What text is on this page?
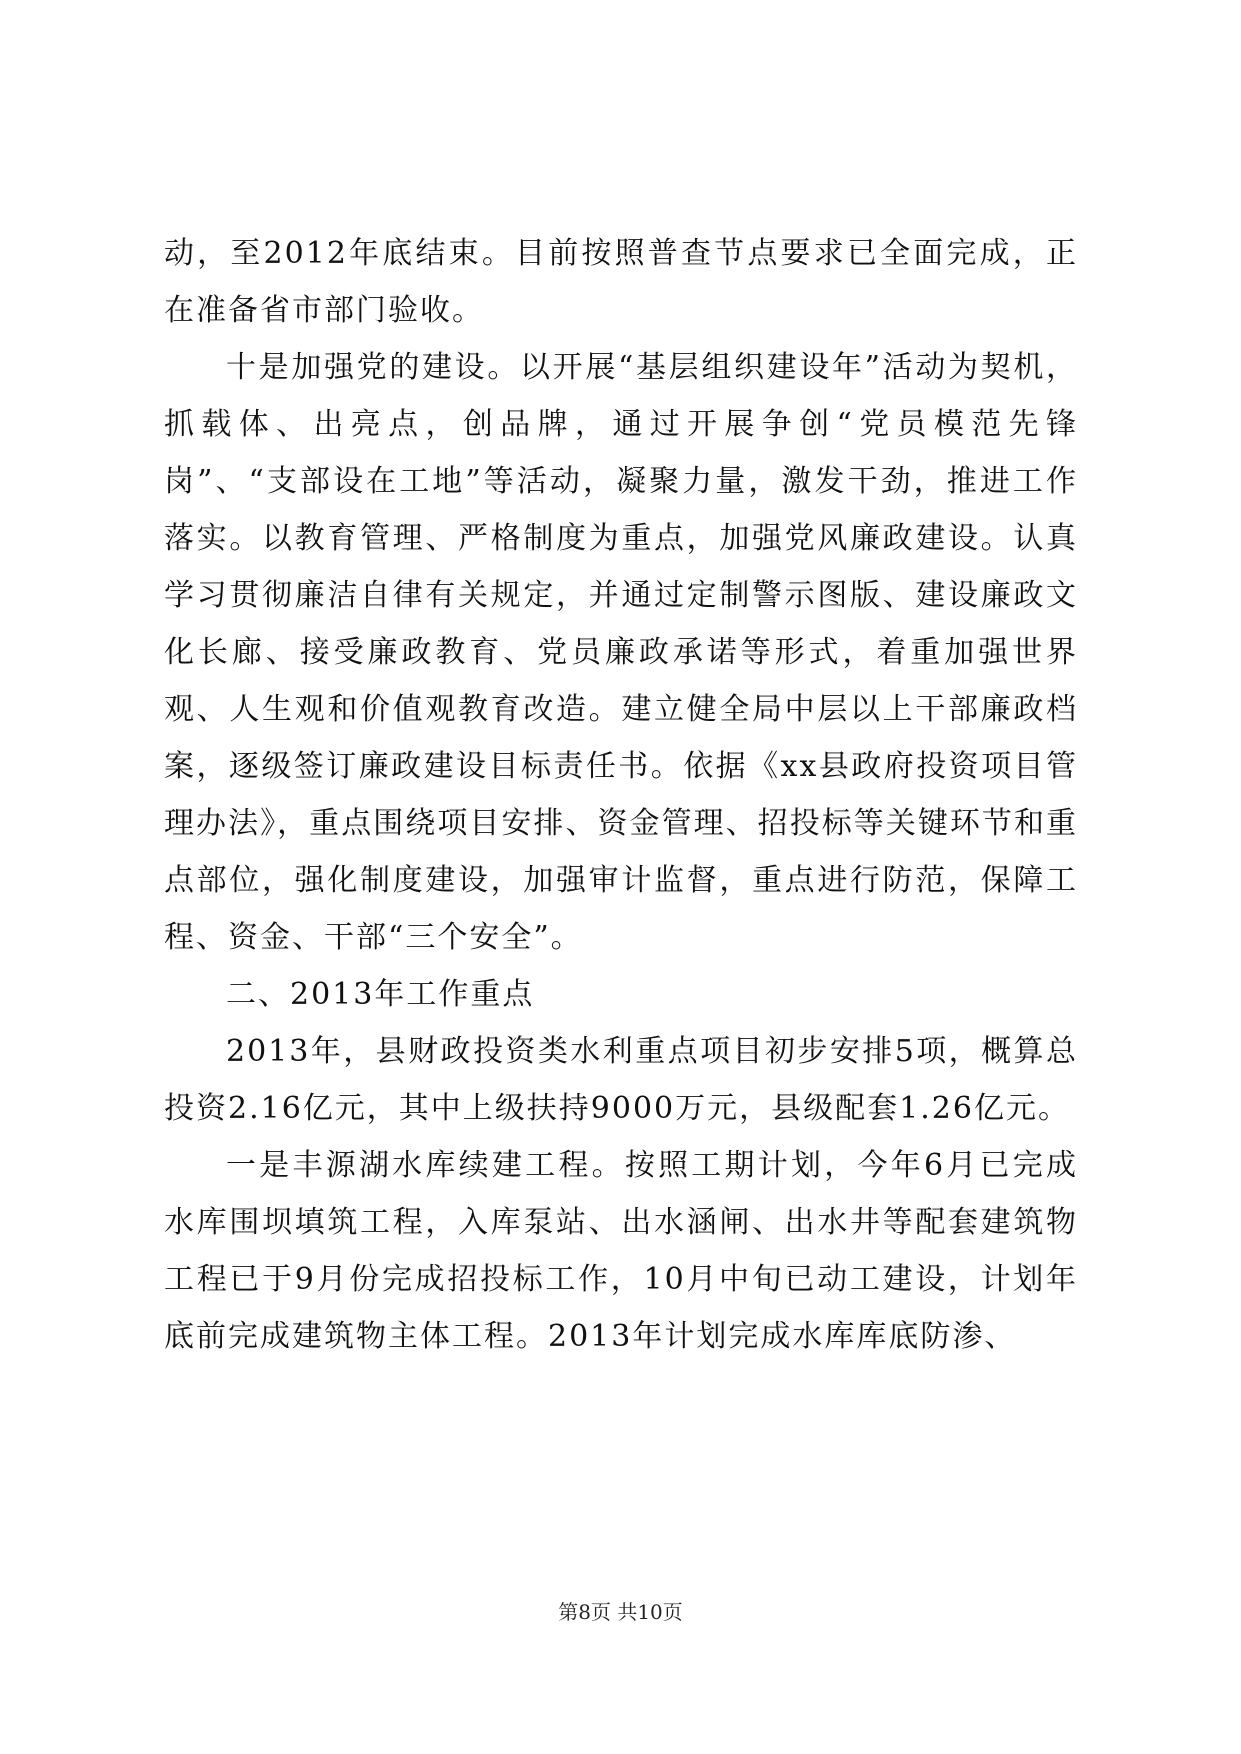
动，至2012年底结束。目前按照普查节点要求已全面完成，正在准备省市部门验收。

十是加强党的建设。以开展“基层组织建设年”活动为契机，抓载体、出亮点，创品牌，通过开展争创“党员模范先锋岗”、“支部设在工地”等活动，凝聚力量，激发干劲，推进工作落实。以教育管理、严格制度为重点，加强党风廉政建设。认真学习贯彻廉洁自律有关规定，并通过定制警示图版、建设廉政文化长廊、接受廉政教育、党员廉政承诺等形式，着重加强世界观、人生观和价值观教育改造。建立健全局中层以上干部廉政档案，逐级签订廉政建设目标责任书。依据《xx县政府投资项目管理办法》，重点围绕项目安排、资金管理、招投标等关键环节和重点部位，强化制度建设，加强审计监督，重点进行防范，保障工程、资金、干部“三个安全”。

二、2013年工作重点

2013年，县财政投资类水利重点项目初步安排5项，概算总投资2.16亿元，其中上级扶持9000万元，县级配套1.26亿元。

一是丰源湖水库续建工程。按照工期计划，今年6月已完成水库围坝填筑工程，入库泵站、出水涵闸、出水井等配套建筑物工程已于9月份完成招投标工作，10月中旬已动工建设，计划年底前完成建筑物主体工程。2013年计划完成水库库底防渗、

第8页 共10页
